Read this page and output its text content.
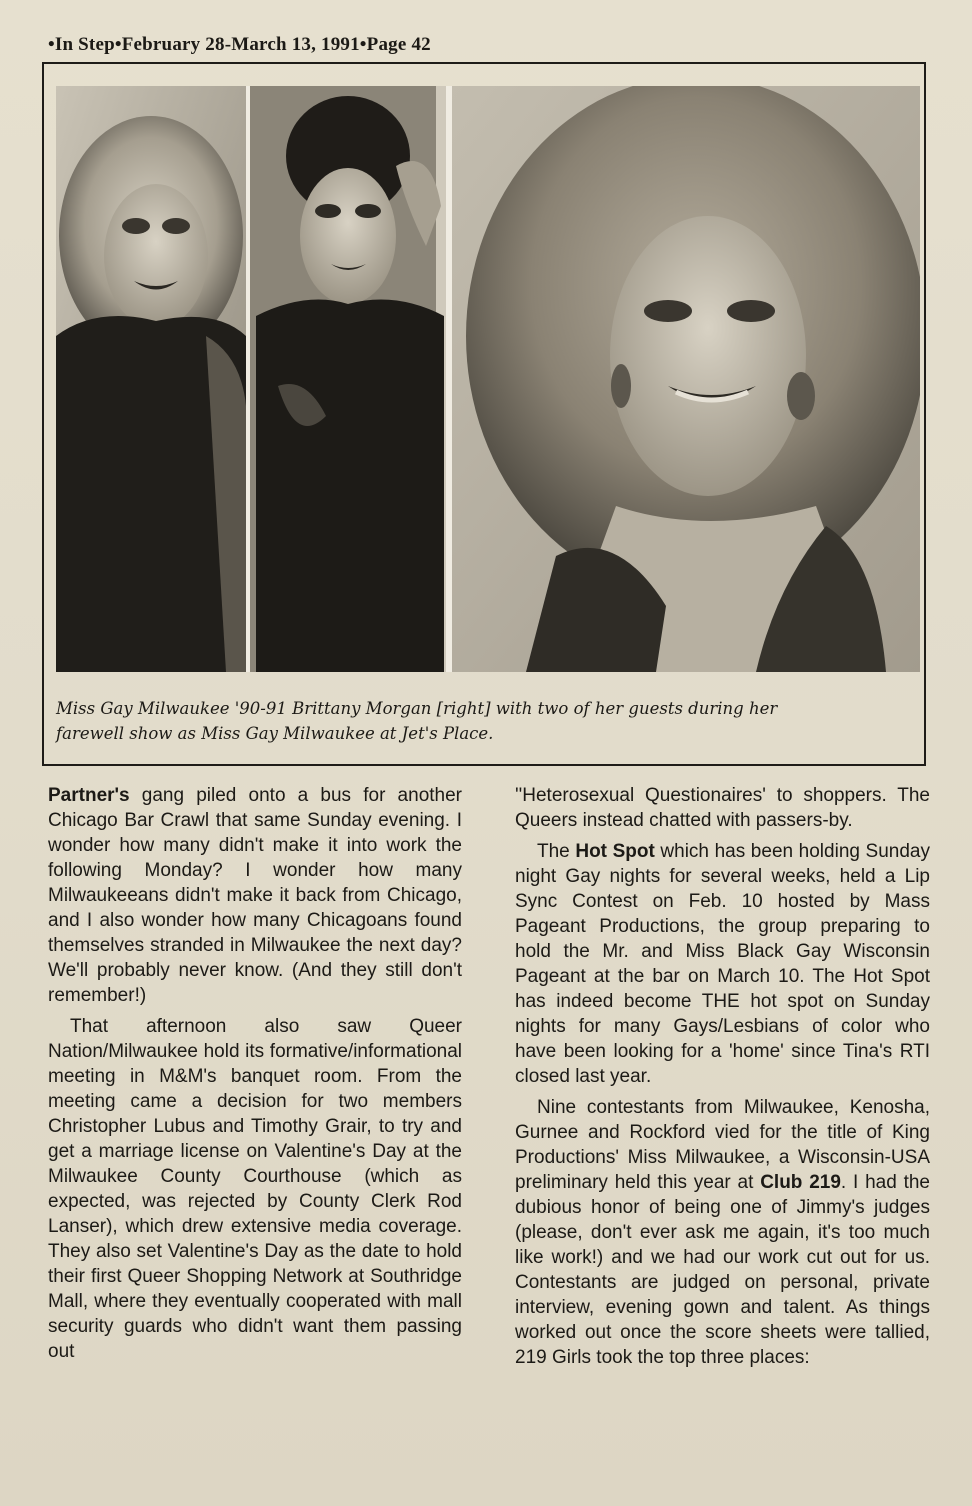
•In Step•February 28-March 13, 1991•Page 42
Miss Gay Milwaukee '90-91 Brittany Morgan [right] with two of her guests during her
farewell show as Miss Gay Milwaukee at Jet's Place.

Partner's gang piled onto a bus for another Chicago Bar Crawl that same Sunday evening. I wonder how many didn't make it into work the following Monday? I wonder how many Milwaukeeans didn't make it back from Chicago, and I also wonder how many Chicagoans found themselves stranded in Milwaukee the next day? We'll probably never know. (And they still don't remember!)

That afternoon also saw Queer Nation/Milwaukee hold its formative/informational meeting in M&M's banquet room. From the meeting came a decision for two members Christopher Lubus and Timothy Grair, to try and get a marriage license on Valentine's Day at the Milwaukee County Courthouse (which as expected, was rejected by County Clerk Rod Lanser), which drew extensive media coverage. They also set Valentine's Day as the date to hold their first Queer Shopping Network at Southridge Mall, where they eventually cooperated with mall security guards who didn't want them passing out

''Heterosexual Questionaires' to shoppers. The Queers instead chatted with passers-by.

The Hot Spot which has been holding Sunday night Gay nights for several weeks, held a Lip Sync Contest on Feb. 10 hosted by Mass Pageant Productions, the group preparing to hold the Mr. and Miss Black Gay Wisconsin Pageant at the bar on March 10. The Hot Spot has indeed become THE hot spot on Sunday nights for many Gays/Lesbians of color who have been looking for a 'home' since Tina's RTI closed last year.

Nine contestants from Milwaukee, Kenosha, Gurnee and Rockford vied for the title of King Productions' Miss Milwaukee, a Wisconsin-USA preliminary held this year at Club 219. I had the dubious honor of being one of Jimmy's judges (please, don't ever ask me again, it's too much like work!) and we had our work cut out for us. Contestants are judged on personal, private interview, evening gown and talent. As things worked out once the score sheets were tallied, 219 Girls took the top three places:
